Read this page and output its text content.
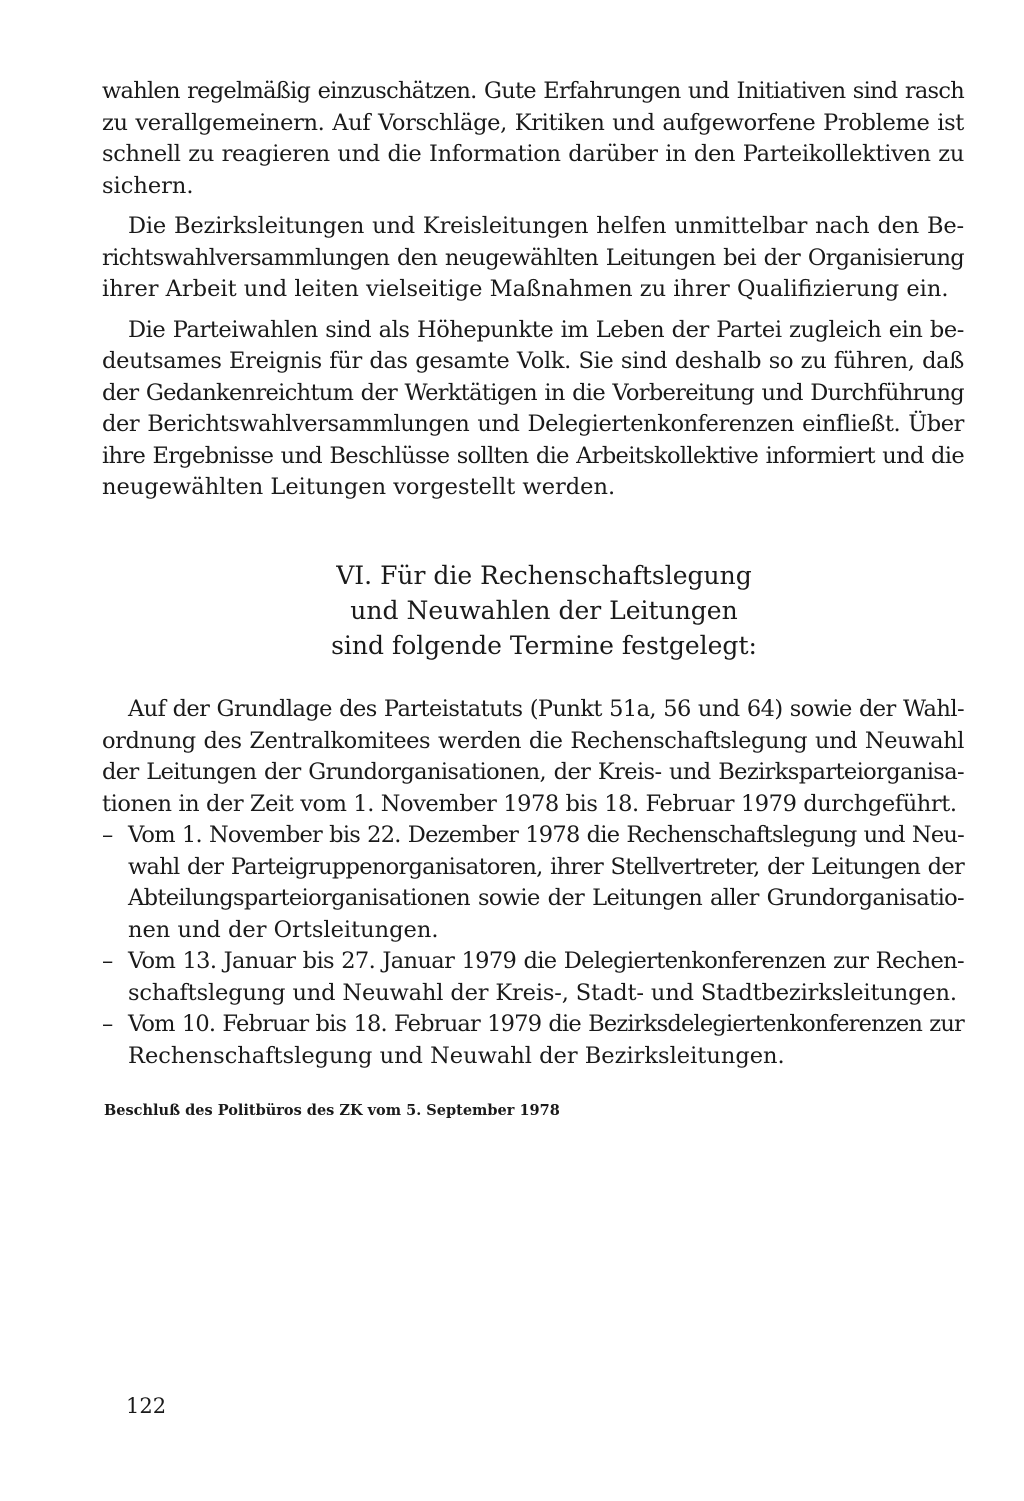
wahlen regelmäßig einzuschätzen. Gute Erfahrungen und Initiativen sind rasch
zu verallgemeinern. Auf Vorschläge, Kritiken und aufgeworfene Probleme ist
schnell zu reagieren und die Information darüber in den Parteikollektiven zu
sichern.
Die Bezirksleitungen und Kreisleitungen helfen unmittelbar nach den Be-
richtswahlversammlungen den neugewählten Leitungen bei der Organisierung
ihrer Arbeit und leiten vielseitige Maßnahmen zu ihrer Qualifizierung ein.
Die Parteiwahlen sind als Höhepunkte im Leben der Partei zugleich ein be-
deutsames Ereignis für das gesamte Volk. Sie sind deshalb so zu führen, daß
der Gedankenreichtum der Werktätigen in die Vorbereitung und Durchführung
der Berichtswahlversammlungen und Delegiertenkonferenzen einfließt. Über
ihre Ergebnisse und Beschlüsse sollten die Arbeitskollektive informiert und die
neugewählten Leitungen vorgestellt werden.
VI. Für die Rechenschaftslegung
und Neuwahlen der Leitungen
sind folgende Termine festgelegt:
Auf der Grundlage des Parteistatuts (Punkt 51a, 56 und 64) sowie der Wahl-
ordnung des Zentralkomitees werden die Rechenschaftslegung und Neuwahl
der Leitungen der Grundorganisationen, der Kreis- und Bezirksparteiorganisa-
tionen in der Zeit vom 1. November 1978 bis 18. Februar 1979 durchgeführt.
– Vom 1. November bis 22. Dezember 1978 die Rechenschaftslegung und Neu-
wahl der Parteigruppenorganisatoren, ihrer Stellvertreter, der Leitungen der
Abteilungsparteiorganisationen sowie der Leitungen aller Grundorganisatio-
nen und der Ortsleitungen.
– Vom 13. Januar bis 27. Januar 1979 die Delegiertenkonferenzen zur Rechen-
schaftslegung und Neuwahl der Kreis-, Stadt- und Stadtbezirksleitungen.
– Vom 10. Februar bis 18. Februar 1979 die Bezirksdelegiertenkonferenzen zur
Rechenschaftslegung und Neuwahl der Bezirksleitungen.
Beschluß des Politbüros des ZK vom 5. September 1978
122
